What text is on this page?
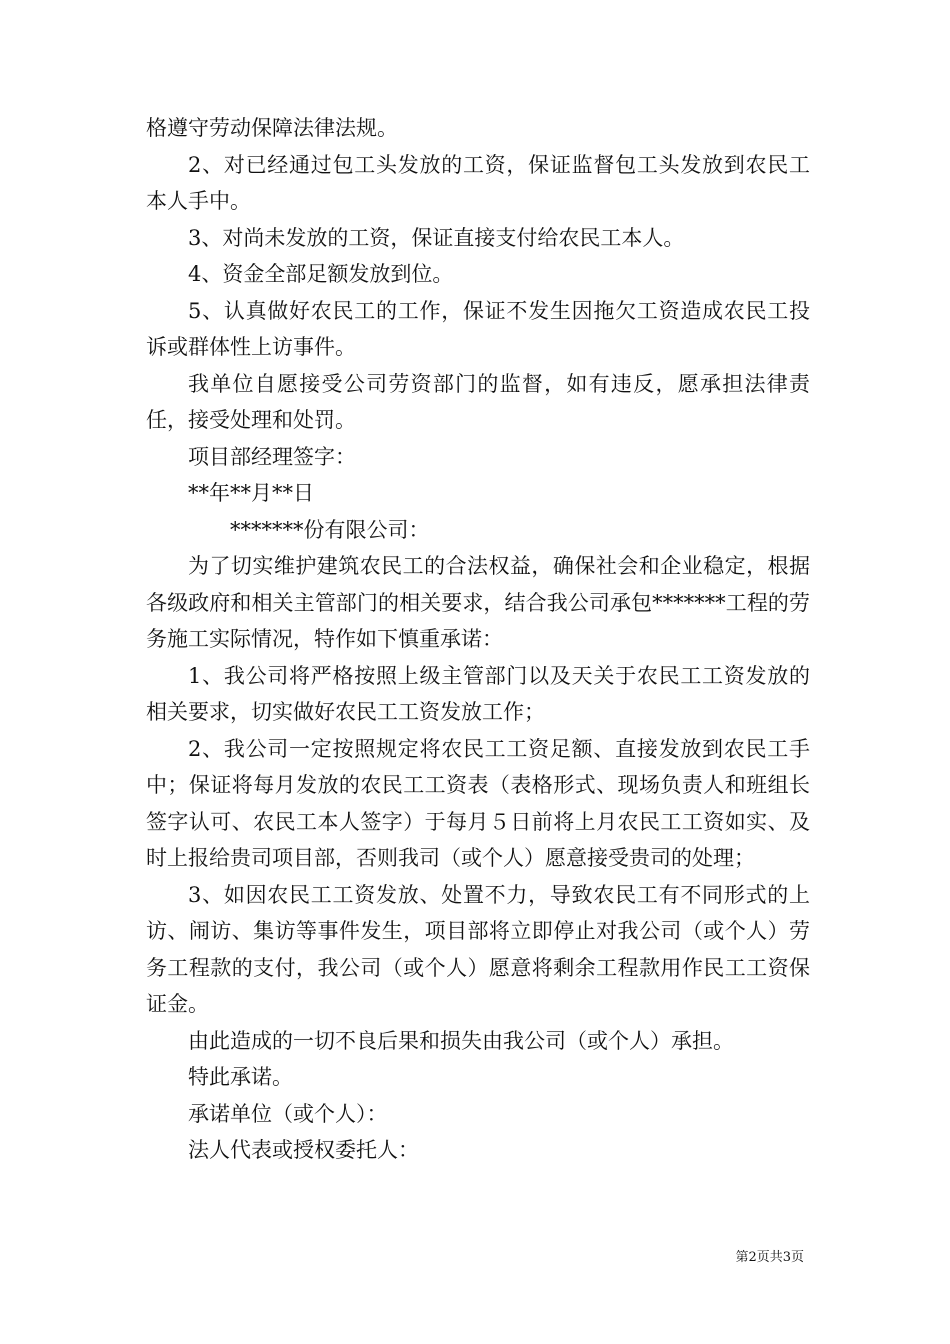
格遵守劳动保障法律法规。

2、对已经通过包工头发放的工资，保证监督包工头发放到农民工本人手中。

3、对尚未发放的工资，保证直接支付给农民工本人。

4、资金全部足额发放到位。

5、认真做好农民工的工作，保证不发生因拖欠工资造成农民工投诉或群体性上访事件。

我单位自愿接受公司劳资部门的监督，如有违反，愿承担法律责任，接受处理和处罚。

项目部经理签字：

**年**月**日

*******份有限公司：

为了切实维护建筑农民工的合法权益，确保社会和企业稳定，根据各级政府和相关主管部门的相关要求，结合我公司承包*******工程的劳务施工实际情况，特作如下慎重承诺：

1、我公司将严格按照上级主管部门以及天关于农民工工资发放的相关要求，切实做好农民工工资发放工作；

2、我公司一定按照规定将农民工工资足额、直接发放到农民工手中；保证将每月发放的农民工工资表（表格形式、现场负责人和班组长签字认可、农民工本人签字）于每月５日前将上月农民工工资如实、及时上报给贵司项目部，否则我司（或个人）愿意接受贵司的处理；

3、如因农民工工资发放、处置不力，导致农民工有不同形式的上访、闹访、集访等事件发生，项目部将立即停止对我公司（或个人）劳务工程款的支付，我公司（或个人）愿意将剩余工程款用作民工工资保证金。

由此造成的一切不良后果和损失由我公司（或个人）承担。

特此承诺。

承诺单位（或个人）：

法人代表或授权委托人：

第2页共3页
